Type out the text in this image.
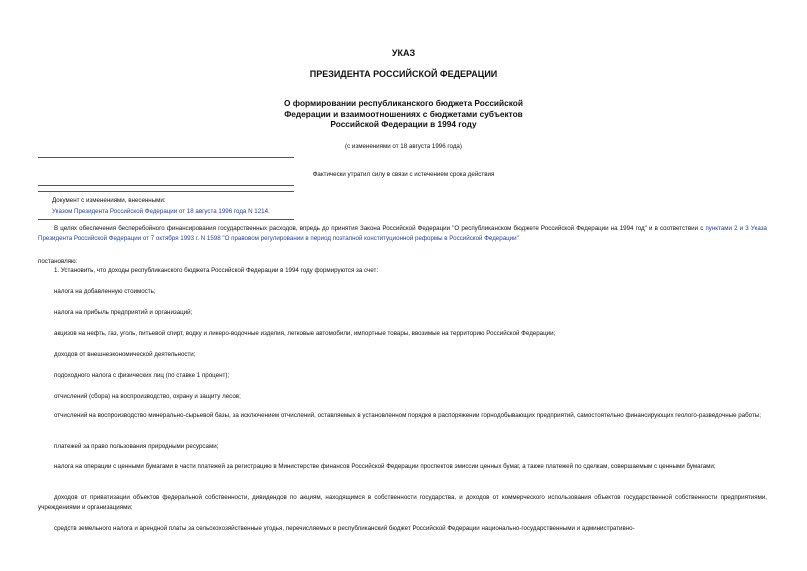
УКАЗ
ПРЕЗИДЕНТА РОССИЙСКОЙ ФЕДЕРАЦИИ
О формировании республиканского бюджета Российской
Федерации и взаимоотношениях с бюджетами субъектов
Российской Федерации в 1994 году
(с изменениями от 18 августа 1996 года)
Фактически утратил силу в связи с истечением срока действия
Документ с изменениями, внесенными:
Указом Президента Российской Федерации от 18 августа 1996 года N 1214.
В целях обеспечения бесперебойного финансирования государственных расходов, впредь до принятия Закона Российской Федерации "О республиканском бюджете Российской Федерации на 1994 год" и в соответствии с пунктами 2 и 3 Указа Президента Российской Федерации от 7 октября 1993 г. N 1598 "О правовом регулировании в период поэтапной конституционной реформы в Российской Федерации"
постановляю:
1. Установить, что доходы республиканского бюджета Российской Федерации в 1994 году формируются за счет:
налога на добавленную стоимость;
налога на прибыль предприятий и организаций;
акцизов на нефть, газ, уголь, питьевой спирт, водку и ликеро-водочные изделия, легковые автомобили, импортные товары, ввозимые на территорию Российской Федерации;
доходов от внешнеэкономической деятельности;
подоходного налога с физических лиц (по ставке 1 процент);
отчислений (сбора) на воспроизводство, охрану и защиту лесов;
отчислений на воспроизводство минерально-сырьевой базы, за исключением отчислений, оставляемых в установленном порядке в распоряжении горнодобывающих предприятий, самостоятельно финансирующих геолого-разведочные работы;
платежей за право пользования природными ресурсами;
налога на операции с ценными бумагами в части платежей за регистрацию в Министерстве финансов Российской Федерации проспектов эмиссии ценных бумаг, а также платежей по сделкам, совершаемым с ценными бумагами;
доходов от приватизации объектов федеральной собственности, дивидендов по акциям, находящимся в собственности государства, и доходов от коммерческого использования объектов государственной собственности предприятиями, учреждениями и организациями;
средств земельного налога и арендной платы за сельскохозяйственные угодья, перечисляемых в республиканский бюджет Российской Федерации национально-государственными и административно-
